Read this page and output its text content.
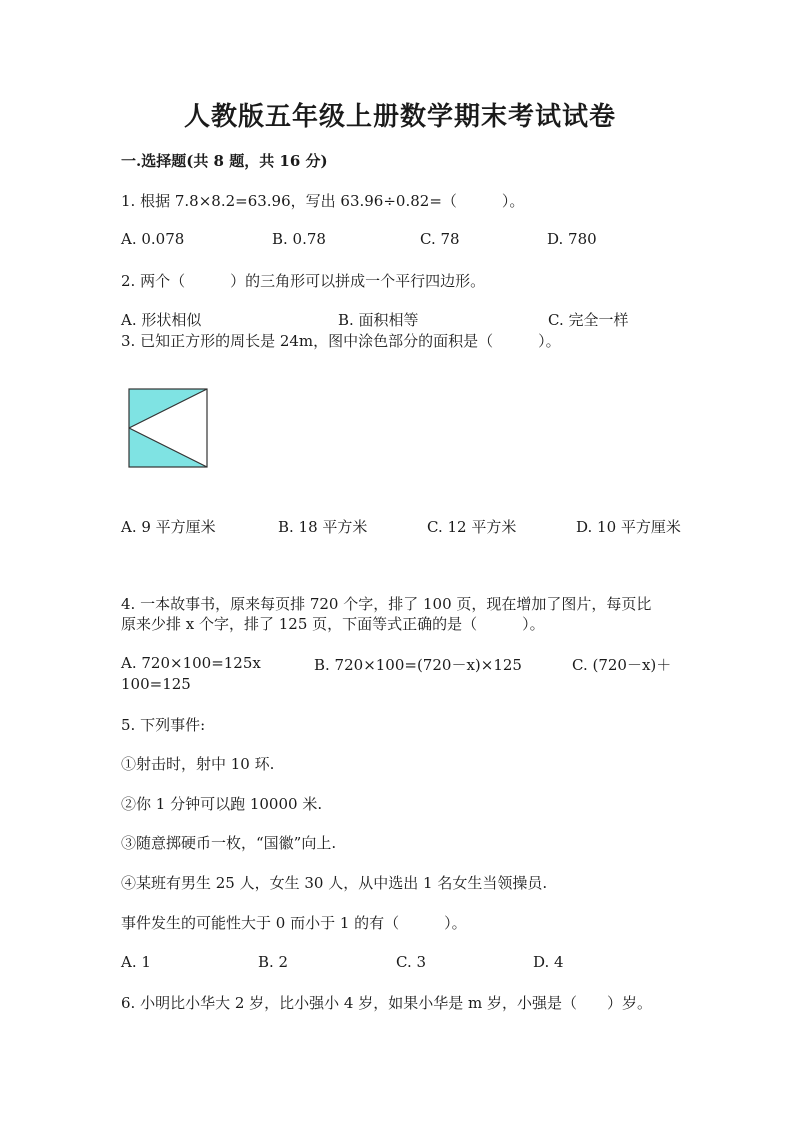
人教版五年级上册数学期末考试试卷
一.选择题(共 8 题，共 16 分)
1. 根据 7.8×8.2=63.96，写出 63.96÷0.82=（　　　）。
A. 0.078	B. 0.78	C. 78	D. 780
2. 两个（　　　）的三角形可以拼成一个平行四边形。
A. 形状相似	B. 面积相等	C. 完全一样
3. 已知正方形的周长是 24m，图中涂色部分的面积是（　　　）。
A. 9 平方厘米	B. 18 平方米	C. 12 平方米	D. 10 平方厘米
4. 一本故事书，原来每页排 720 个字，排了 100 页，现在增加了图片，每页比
原来少排 x 个字，排了 125 页，下面等式正确的是（　　　）。
A. 720×100=125x	B. 720×100=(720－x)×125	C. (720－x)＋
100=125
5. 下列事件:
①射击时，射中 10 环.
②你 1 分钟可以跑 10000 米.
③随意掷硬币一枚，“国徽”向上.
④某班有男生 25 人，女生 30 人，从中选出 1 名女生当领操员.
事件发生的可能性大于 0 而小于 1 的有（　　　）。
A. 1	B. 2	C. 3	D. 4
6. 小明比小华大 2 岁，比小强小 4 岁，如果小华是 m 岁，小强是（　　）岁。
